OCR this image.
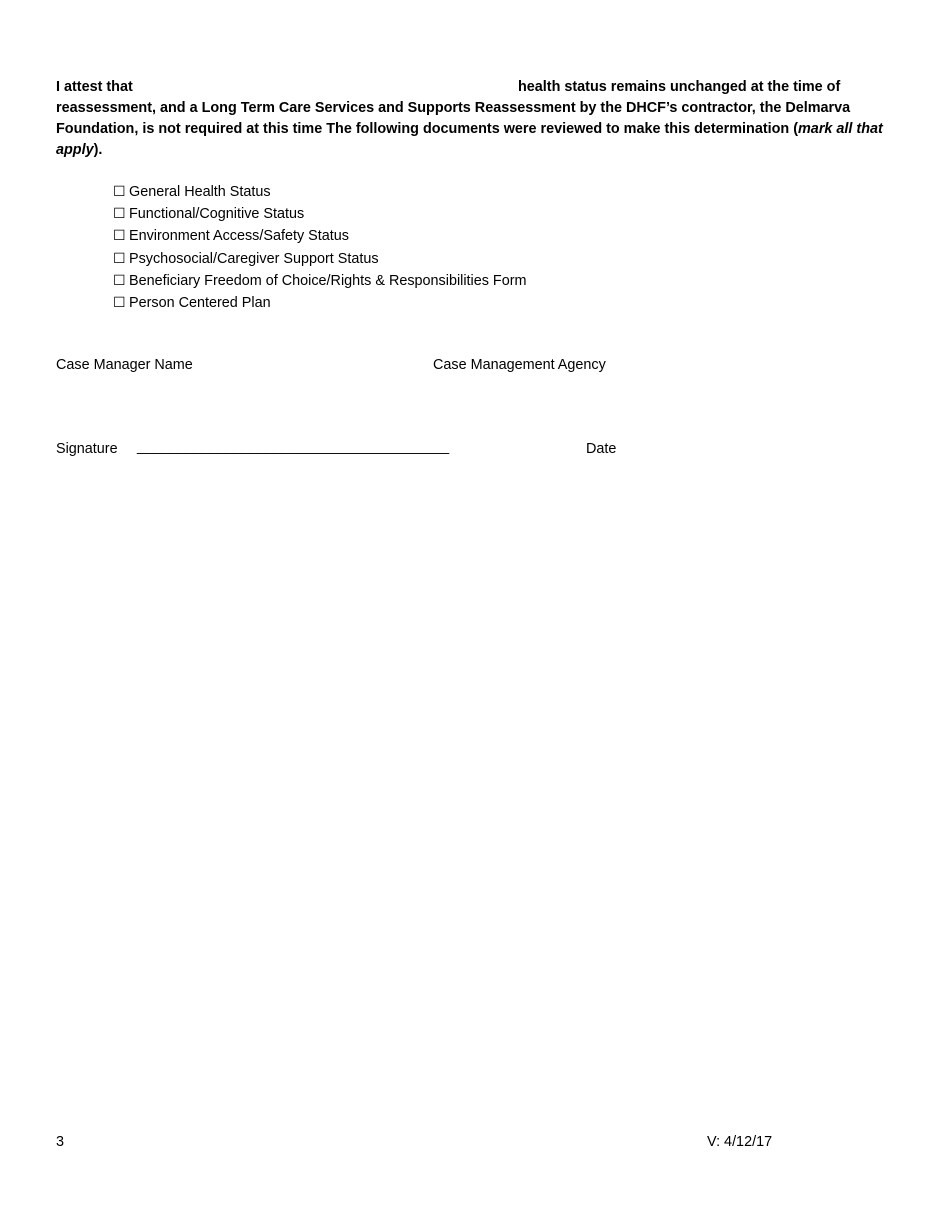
I attest that	health status remains unchanged at the time of
reassessment, and a Long Term Care Services and Supports Reassessment by the DHCF’s contractor, the Delmarva Foundation, is not required at this time The following documents were reviewed to make this determination (mark all that apply).
☐ General Health Status
☐ Functional/Cognitive Status
☐ Environment Access/Safety Status
☐ Psychosocial/Caregiver Support Status
☐ Beneficiary Freedom of Choice/Rights & Responsibilities Form
☐ Person Centered Plan
Case Manager Name	Case Management Agency
Signature _______________________________________	Date
3	V: 4/12/17
